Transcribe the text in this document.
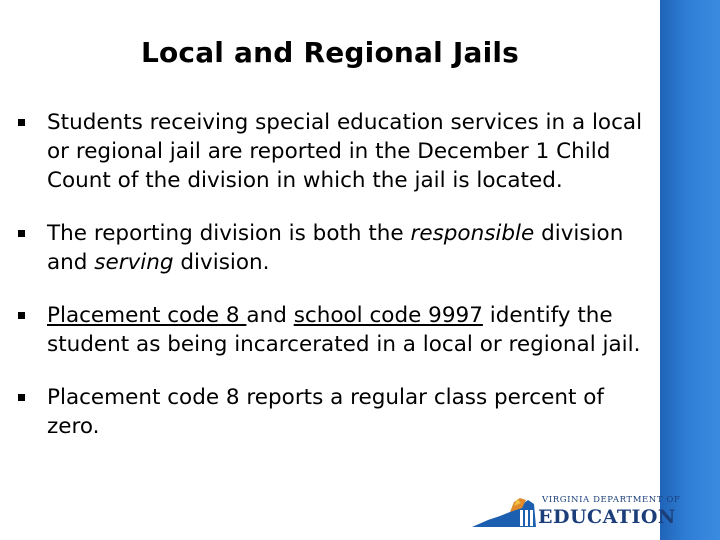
Local and Regional Jails
Students receiving special education services in a local or regional jail are reported in the December 1 Child Count of the division in which the jail is located.
The reporting division is both the responsible division and serving division.
Placement code 8 and school code 9997 identify the student as being incarcerated in a local or regional jail.
Placement code 8 reports a regular class percent of zero.
VIRGINIA DEPARTMENT OF
EDUCATION
